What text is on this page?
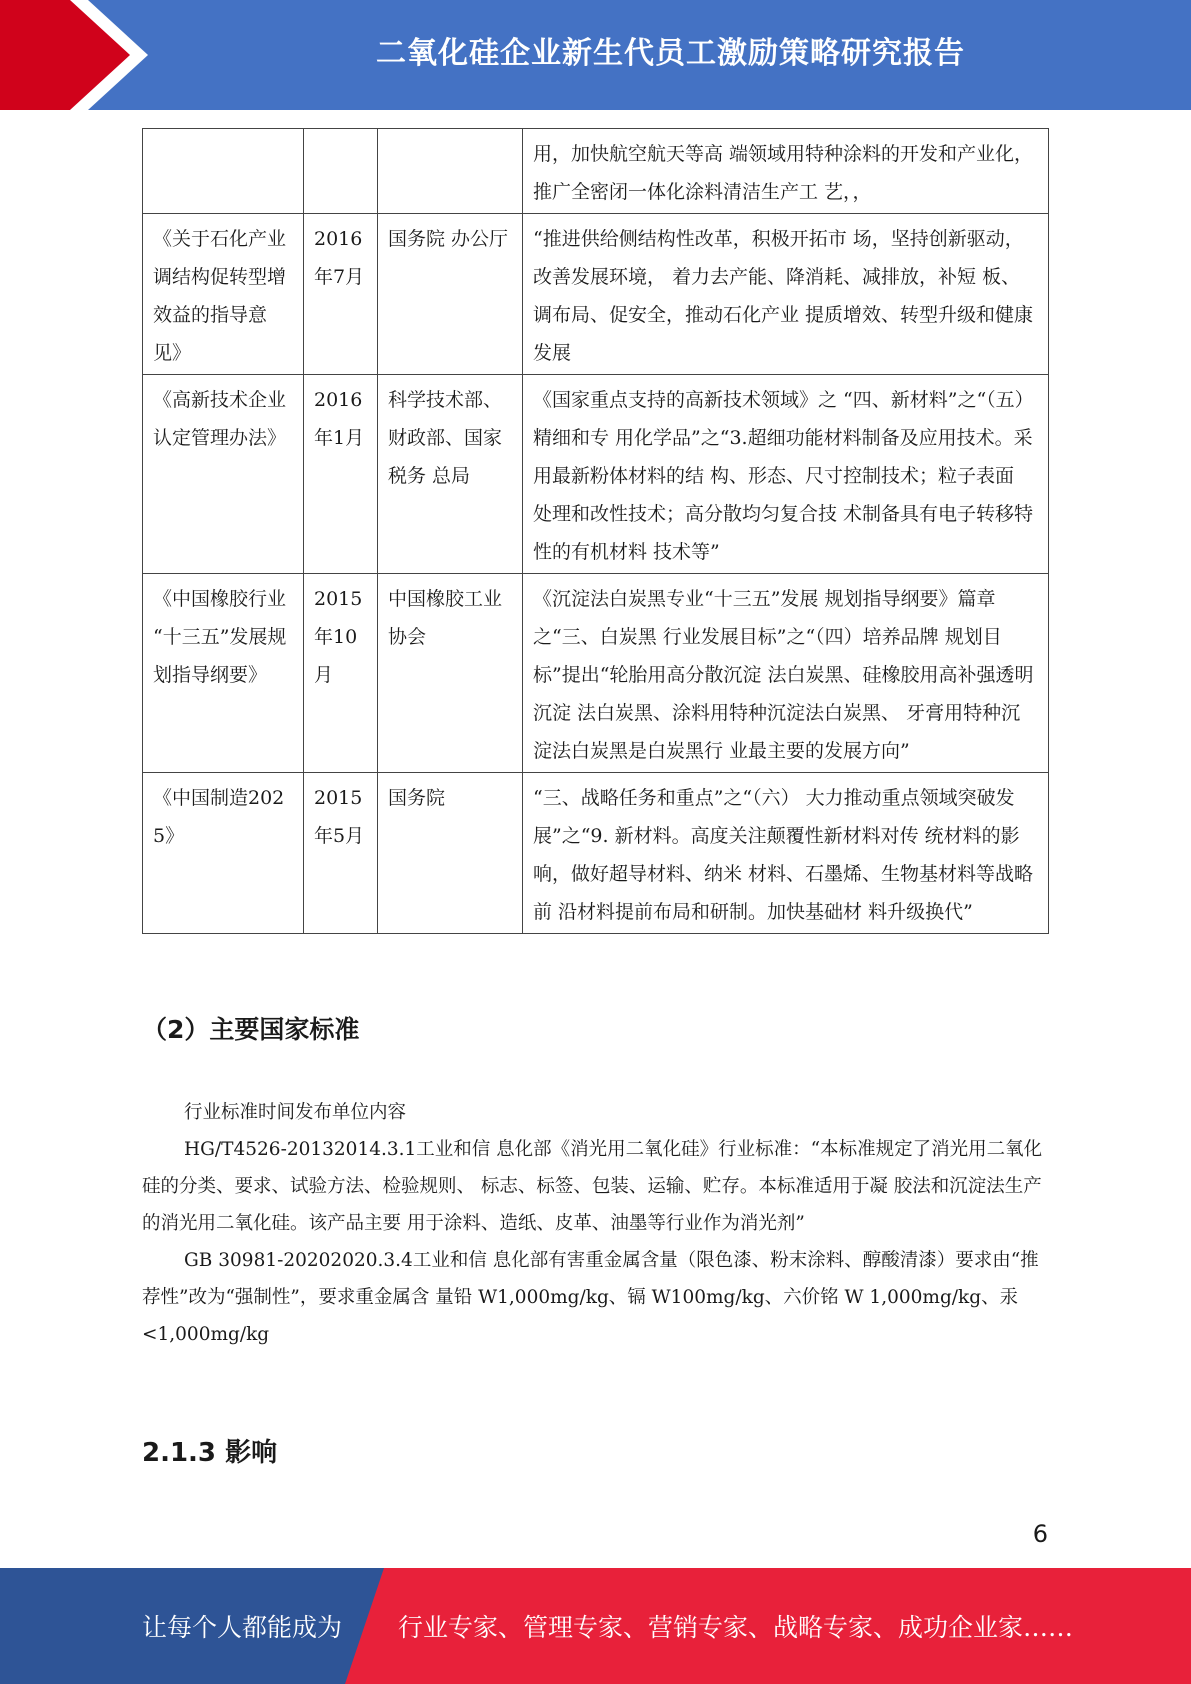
二氧化硅企业新生代员工激励策略研究报告
			用，加快航空航天等高 端领域用特种涂料的开发和产业化， 推广全密闭一体化涂料清洁生产工 艺，，
《关于石化产业 调结构促转型增 效益的指导意见》	2016年7月	国务院 办公厅	“推进供给侧结构性改革，积极开拓市 场，坚持创新驱动，改善发展环境， 着力去产能、降消耗、减排放，补短 板、调布局、促安全，推动石化产业 提质增效、转型升级和健康发展
《高新技术企业 认定管理办法》	2016年1月	科学技术部、 财政部、国家 税务 总局	《国家重点支持的高新技术领域》之 “四、新材料”之“（五）精细和专 用化学品”之“3.超细功能材料制备及应用技术。采用最新粉体材料的结 构、形态、尺寸控制技术；粒子表面 处理和改性技术；高分散均匀复合技 术制备具有电子转移特性的有机材料 技术等”
《中国橡胶行业 “十三五”发展规划指导纲要》	2015年10月	中国橡胶工业 协会	《沉淀法白炭黑专业“十三五”发展 规划指导纲要》篇章之“三、白炭黑 行业发展目标”之“（四）培养品牌 规划目标”提出“轮胎用高分散沉淀 法白炭黑、硅橡胶用高补强透明沉淀 法白炭黑、涂料用特种沉淀法白炭黑、 牙膏用特种沉淀法白炭黑是白炭黑行 业最主要的发展方向”
《中国制造2025》	2015年5月	国务院	“三、战略任务和重点”之“（六） 大力推动重点领域突破发展”之“9. 新材料。高度关注颠覆性新材料对传 统材料的影响，做好超导材料、纳米 材料、石墨烯、生物基材料等战略前 沿材料提前布局和研制。加快基础材 料升级换代”
（2）主要国家标准

行业标准时间发布单位内容

HG/T4526-20132014.3.1工业和信 息化部《消光用二氧化硅》行业标准：“本标准规定了消光用二氧化硅的分类、要求、试验方法、检验规则、 标志、标签、包装、运输、贮存。本标准适用于凝 胶法和沉淀法生产的消光用二氧化硅。该产品主要 用于涂料、造纸、皮革、油墨等行业作为消光剂”

GB 30981-20202020.3.4工业和信 息化部有害重金属含量（限色漆、粉末涂料、醇酸清漆）要求由“推荐性”改为“强制性”，要求重金属含 量铅 W1,000mg/kg、镉 W100mg/kg、六价铭 W 1,000mg/kg、汞 <1,000mg/kg

2.1.3 影响
6
让每个人都能成为 行业专家、管理专家、营销专家、战略专家、成功企业家……
